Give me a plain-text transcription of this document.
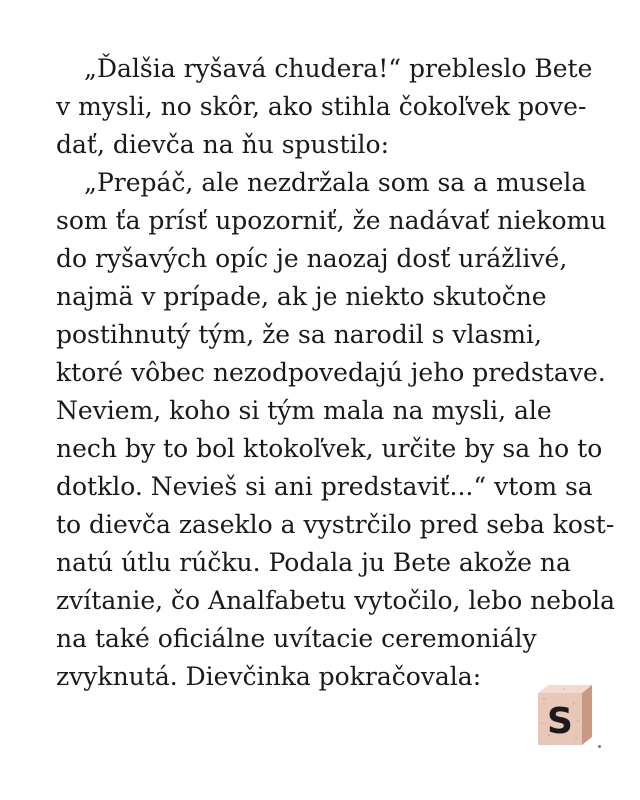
„Ďalšia ryšavá chudera!“ prebleslo Bete
v mysli, no skôr, ako stihla čokoľvek pove-
dať, dievča na ňu spustilo:
„Prepáč, ale nezdržala som sa a musela
som ťa prísť upozorniť, že nadávať niekomu
do ryšavých opíc je naozaj dosť urážlivé,
najmä v prípade, ak je niekto skutočne
postihnutý tým, že sa narodil s vlasmi,
ktoré vôbec nezodpovedajú jeho predstave.
Neviem, koho si tým mala na mysli, ale
nech by to bol ktokoľvek, určite by sa ho to
dotklo. Nevieš si ani predstaviť...“ vtom sa
to dievča zaseklo a vystrčilo pred seba kost-
natú útlu rúčku. Podala ju Bete akože na
zvítanie, čo Analfabetu vytočilo, lebo nebola
na také oficiálne uvítacie ceremoniály
zvyknutá. Dievčinka pokračovala:
S
